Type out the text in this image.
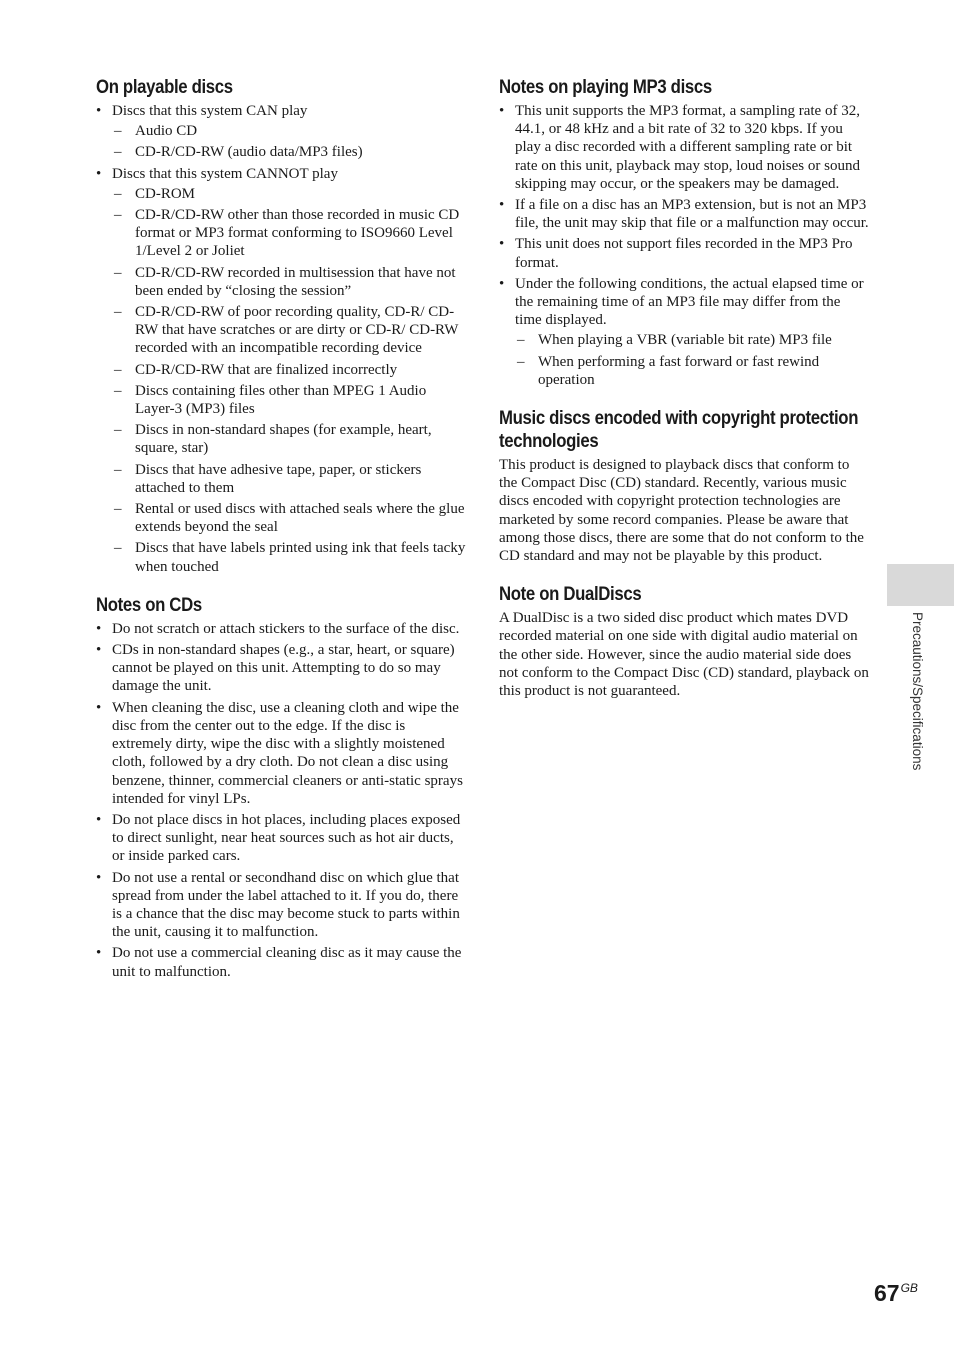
On playable discs
• Discs that this system CAN play
– Audio CD
– CD-R/CD-RW (audio data/MP3 files)
• Discs that this system CANNOT play
– CD-ROM
– CD-R/CD-RW other than those recorded in music CD format or MP3 format conforming to ISO9660 Level 1/Level 2 or Joliet
– CD-R/CD-RW recorded in multisession that have not been ended by “closing the session”
– CD-R/CD-RW of poor recording quality, CD-R/ CD-RW that have scratches or are dirty or CD-R/ CD-RW recorded with an incompatible recording device
– CD-R/CD-RW that are finalized incorrectly
– Discs containing files other than MPEG 1 Audio Layer-3 (MP3) files
– Discs in non-standard shapes (for example, heart, square, star)
– Discs that have adhesive tape, paper, or stickers attached to them
– Rental or used discs with attached seals where the glue extends beyond the seal
– Discs that have labels printed using ink that feels tacky when touched
Notes on CDs
• Do not scratch or attach stickers to the surface of the disc.
• CDs in non-standard shapes (e.g., a star, heart, or square) cannot be played on this unit. Attempting to do so may damage the unit.
• When cleaning the disc, use a cleaning cloth and wipe the disc from the center out to the edge. If the disc is extremely dirty, wipe the disc with a slightly moistened cloth, followed by a dry cloth. Do not clean a disc using benzene, thinner, commercial cleaners or anti-static sprays intended for vinyl LPs.
• Do not place discs in hot places, including places exposed to direct sunlight, near heat sources such as hot air ducts, or inside parked cars.
• Do not use a rental or secondhand disc on which glue that spread from under the label attached to it. If you do, there is a chance that the disc may become stuck to parts within the unit, causing it to malfunction.
• Do not use a commercial cleaning disc as it may cause the unit to malfunction.
Notes on playing MP3 discs
• This unit supports the MP3 format, a sampling rate of 32, 44.1, or 48 kHz and a bit rate of 32 to 320 kbps. If you play a disc recorded with a different sampling rate or bit rate on this unit, playback may stop, loud noises or sound skipping may occur, or the speakers may be damaged.
• If a file on a disc has an MP3 extension, but is not an MP3 file, the unit may skip that file or a malfunction may occur.
• This unit does not support files recorded in the MP3 Pro format.
• Under the following conditions, the actual elapsed time or the remaining time of an MP3 file may differ from the time displayed.
– When playing a VBR (variable bit rate) MP3 file
– When performing a fast forward or fast rewind operation
Music discs encoded with copyright protection technologies

This product is designed to playback discs that conform to the Compact Disc (CD) standard. Recently, various music discs encoded with copyright protection technologies are marketed by some record companies. Please be aware that among those discs, there are some that do not conform to the CD standard and may not be playable by this product.

Note on DualDiscs

A DualDisc is a two sided disc product which mates DVD recorded material on one side with digital audio material on the other side. However, since the audio material side does not conform to the Compact Disc (CD) standard, playback on this product is not guaranteed.	Precautions/Specifications
$67^{GB}$
